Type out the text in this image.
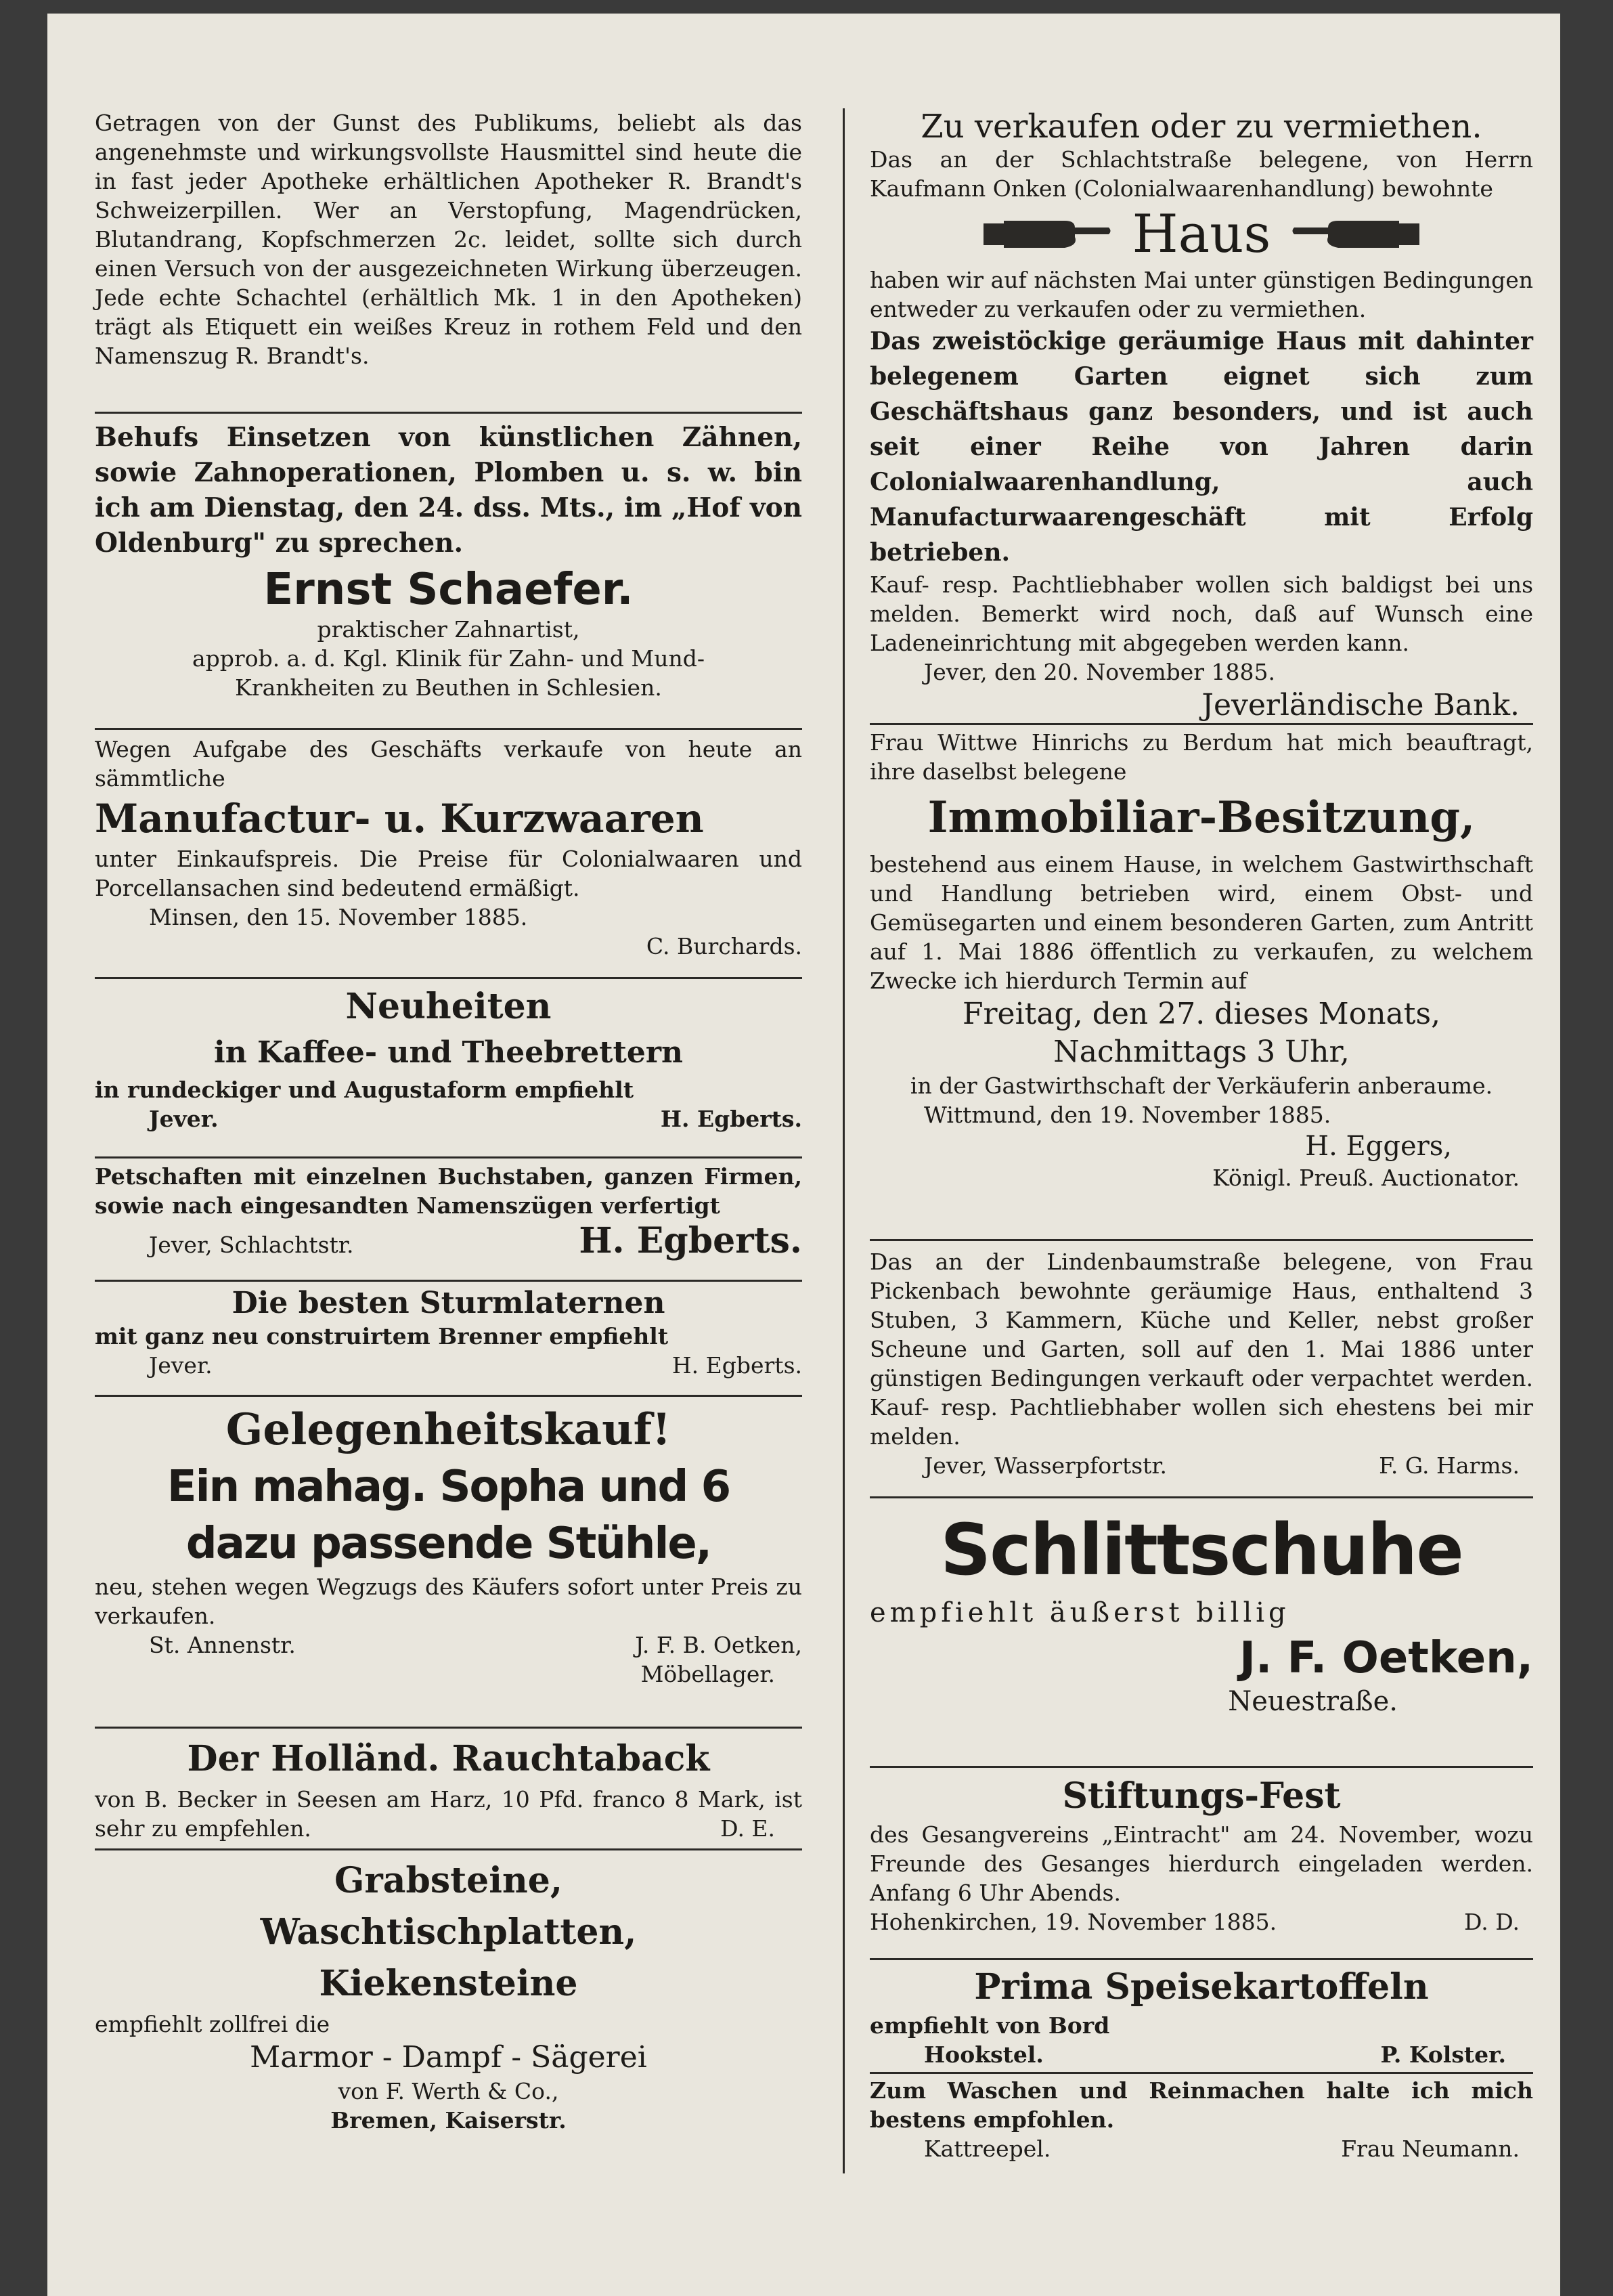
Getragen von der Gunst des Publikums, beliebt als das angenehmste und wirkungsvollste Hausmittel sind heute die in fast jeder Apotheke erhältlichen Apotheker R. Brandt's Schweizerpillen. Wer an Verstopfung, Magendrücken, Blutandrang, Kopfschmerzen 2c. leidet, sollte sich durch einen Versuch von der ausgezeichneten Wirkung überzeugen. Jede echte Schachtel (erhältlich Mk. 1 in den Apotheken) trägt als Etiquett ein weißes Kreuz in rothem Feld und den Namenszug R. Brandt's.
Behufs Einsetzen von künstlichen Zähnen, sowie Zahnoperationen, Plomben u. s. w. bin ich am Dienstag, den 24. dss. Mts., im „Hof von Oldenburg" zu sprechen.
Ernst Schaefer.
praktischer Zahnartist,
approb. a. d. Kgl. Klinik für Zahn- und Mund-
Krankheiten zu Beuthen in Schlesien.
Wegen Aufgabe des Geschäfts verkaufe von heute an sämmtliche
Manufactur- u. Kurzwaaren
unter Einkaufspreis. Die Preise für Colonialwaaren und Porcellansachen sind bedeutend ermäßigt.
Minsen, den 15. November 1885.
C. Burchards.
Neuheiten
in Kaffee- und Theebrettern
in rundeckiger und Augustaform empfiehlt
Jever.	H. Egberts.
Petschaften mit einzelnen Buchstaben, ganzen Firmen, sowie nach eingesandten Namenszügen verfertigt
Jever, Schlachtstr.	H. Egberts.
Die besten Sturmlaternen
mit ganz neu construirtem Brenner empfiehlt
Jever.	H. Egberts.
Gelegenheitskauf!
Ein mahag. Sopha und 6
dazu passende Stühle,
neu, stehen wegen Wegzugs des Käufers sofort unter Preis zu verkaufen.
St. Annenstr.	J. F. B. Oetken,
Möbellager.
Der Holländ. Rauchtaback
von B. Becker in Seesen am Harz, 10 Pfd. franco 8 Mark, ist sehr zu empfehlen.	D. E.
Grabsteine,
Waschtischplatten,
Kiekensteine
empfiehlt zollfrei die
Marmor - Dampf - Sägerei
von F. Werth & Co.,
Bremen, Kaiserstr.
Zu verkaufen oder zu vermiethen.
Das an der Schlachtstraße belegene, von Herrn Kaufmann Onken (Colonialwaarenhandlung) bewohnte
Haus
haben wir auf nächsten Mai unter günstigen Bedingungen entweder zu verkaufen oder zu vermiethen.
Das zweistöckige geräumige Haus mit dahinter belegenem Garten eignet sich zum Geschäftshaus ganz besonders, und ist auch seit einer Reihe von Jahren darin Colonialwaarenhandlung, auch Manufacturwaarengeschäft mit Erfolg betrieben.
Kauf- resp. Pachtliebhaber wollen sich baldigst bei uns melden. Bemerkt wird noch, daß auf Wunsch eine Ladeneinrichtung mit abgegeben werden kann.
Jever, den 20. November 1885.
Jeverländische Bank.
Frau Wittwe Hinrichs zu Berdum hat mich beauftragt, ihre daselbst belegene
Immobiliar-Besitzung,
bestehend aus einem Hause, in welchem Gastwirthschaft und Handlung betrieben wird, einem Obst- und Gemüsegarten und einem besonderen Garten, zum Antritt auf 1. Mai 1886 öffentlich zu verkaufen, zu welchem Zwecke ich hierdurch Termin auf
Freitag, den 27. dieses Monats,
Nachmittags 3 Uhr,
in der Gastwirthschaft der Verkäuferin anberaume.
Wittmund, den 19. November 1885.
H. Eggers,
Königl. Preuß. Auctionator.
Das an der Lindenbaumstraße belegene, von Frau Pickenbach bewohnte geräumige Haus, enthaltend 3 Stuben, 3 Kammern, Küche und Keller, nebst großer Scheune und Garten, soll auf den 1. Mai 1886 unter günstigen Bedingungen verkauft oder verpachtet werden. Kauf- resp. Pachtliebhaber wollen sich ehestens bei mir melden.
Jever, Wasserpfortstr.	F. G. Harms.
Schlittschuhe
empfiehlt äußerst billig
J. F. Oetken,
Neuestraße.
Stiftungs-Fest
des Gesangvereins „Eintracht" am 24. November, wozu Freunde des Gesanges hierdurch eingeladen werden. Anfang 6 Uhr Abends.
Hohenkirchen, 19. November 1885.	D. D.
Prima Speisekartoffeln
empfiehlt von Bord
Hookstel.	P. Kolster.
Zum Waschen und Reinmachen halte ich mich bestens empfohlen.
Kattreepel.	Frau Neumann.
